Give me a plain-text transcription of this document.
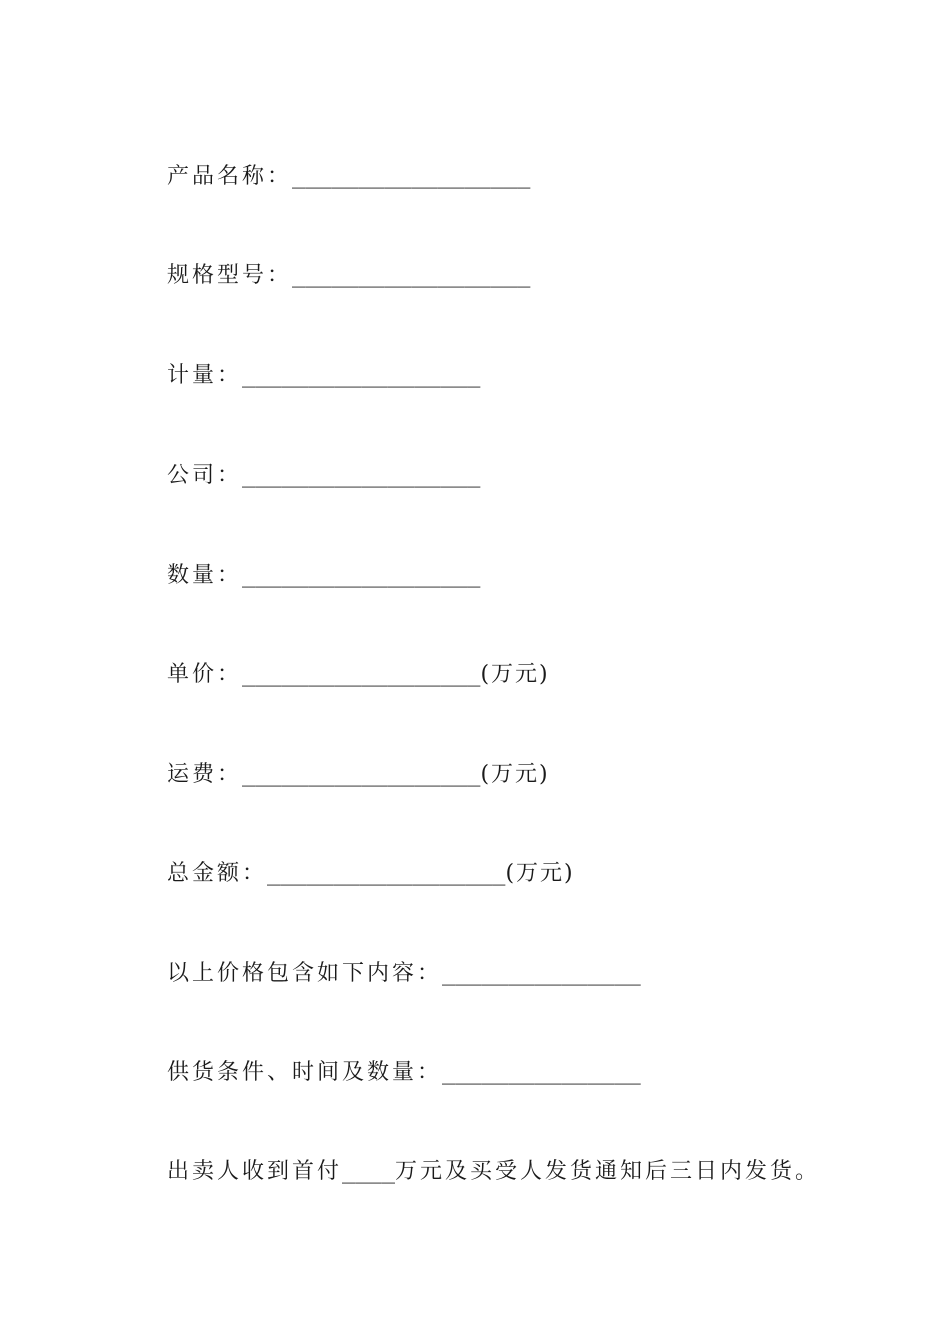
产品名称：__________________
规格型号：__________________
计量：__________________
公司：__________________
数量：__________________
单价：__________________(万元)
运费：__________________(万元)
总金额：__________________(万元)
以上价格包含如下内容：_______________
供货条件、时间及数量：_______________
出卖人收到首付____万元及买受人发货通知后三日内发货。
